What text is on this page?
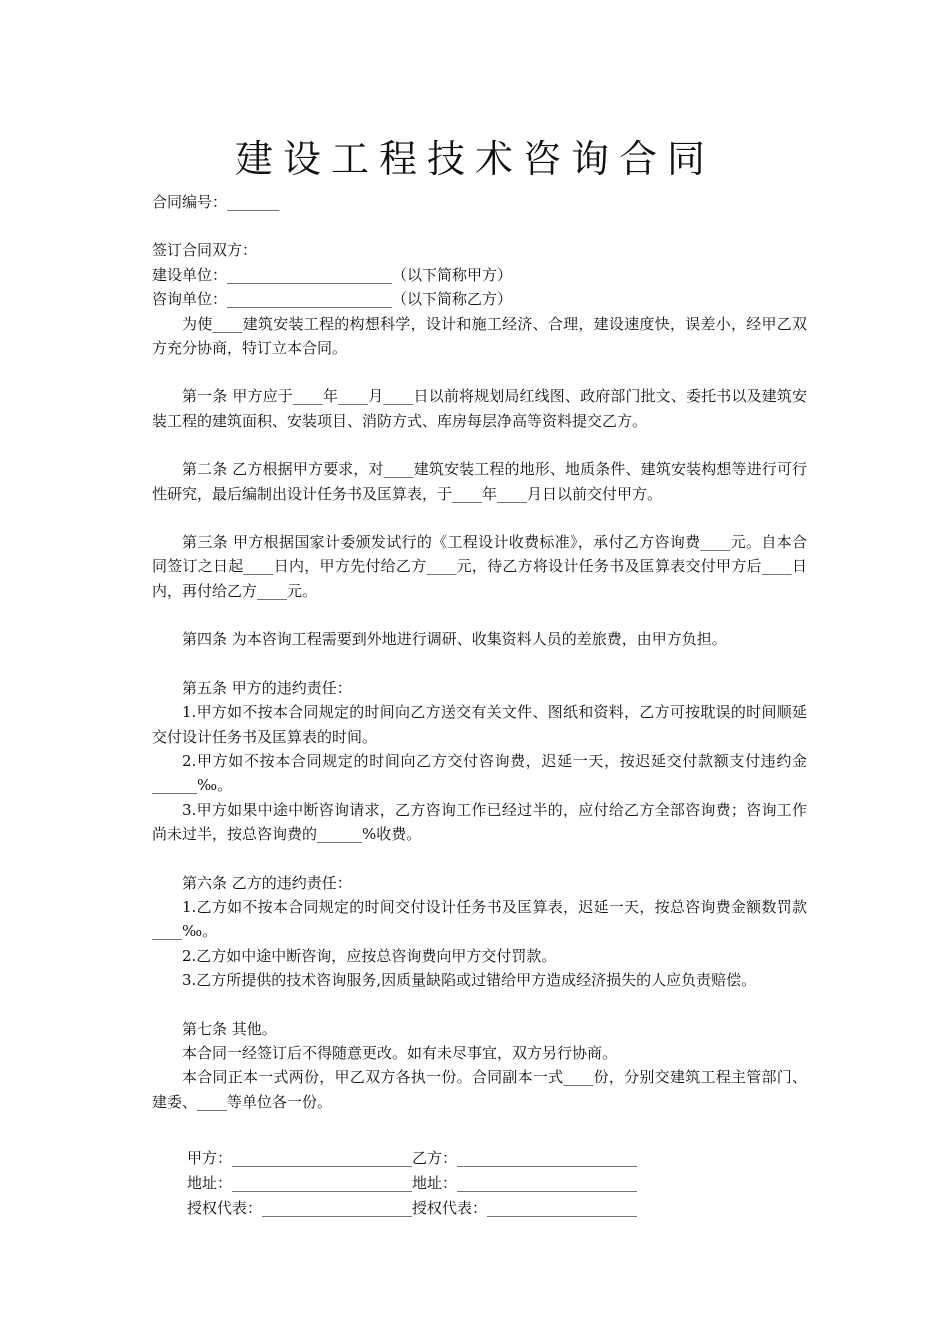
建设工程技术咨询合同
合同编号：_______
签订合同双方：
建设单位：______________________（以下简称甲方）
咨询单位：______________________（以下简称乙方）
为使____建筑安装工程的构想科学，设计和施工经济、合理，建设速度快，误差小，经甲乙双方充分协商，特订立本合同。
第一条 甲方应于____年____月____日以前将规划局红线图、政府部门批文、委托书以及建筑安装工程的建筑面积、安装项目、消防方式、库房每层净高等资料提交乙方。
第二条 乙方根据甲方要求，对____建筑安装工程的地形、地质条件、建筑安装构想等进行可行性研究，最后编制出设计任务书及匡算表，于____年____月日以前交付甲方。
第三条 甲方根据国家计委颁发试行的《工程设计收费标准》，承付乙方咨询费____元。自本合同签订之日起____日内，甲方先付给乙方____元，待乙方将设计任务书及匡算表交付甲方后____日内，再付给乙方____元。
第四条 为本咨询工程需要到外地进行调研、收集资料人员的差旅费，由甲方负担。
第五条 甲方的违约责任：
1.甲方如不按本合同规定的时间向乙方送交有关文件、图纸和资料，乙方可按耽误的时间顺延交付设计任务书及匡算表的时间。
2.甲方如不按本合同规定的时间向乙方交付咨询费，迟延一天，按迟延交付款额支付违约金______‰。
3.甲方如果中途中断咨询请求，乙方咨询工作已经过半的，应付给乙方全部咨询费；咨询工作尚未过半，按总咨询费的______%收费。
第六条 乙方的违约责任：
1.乙方如不按本合同规定的时间交付设计任务书及匡算表，迟延一天，按总咨询费金额数罚款____‰。
2.乙方如中途中断咨询，应按总咨询费向甲方交付罚款。
3.乙方所提供的技术咨询服务,因质量缺陷或过错给甲方造成经济损失的人应负责赔偿。
第七条 其他。
本合同一经签订后不得随意更改。如有未尽事宜，双方另行协商。
本合同正本一式两份，甲乙双方各执一份。合同副本一式____份，分别交建筑工程主管部门、建委、____等单位各一份。
甲方：________________________乙方：________________________
地址：________________________地址：________________________
授权代表：____________________授权代表：____________________
